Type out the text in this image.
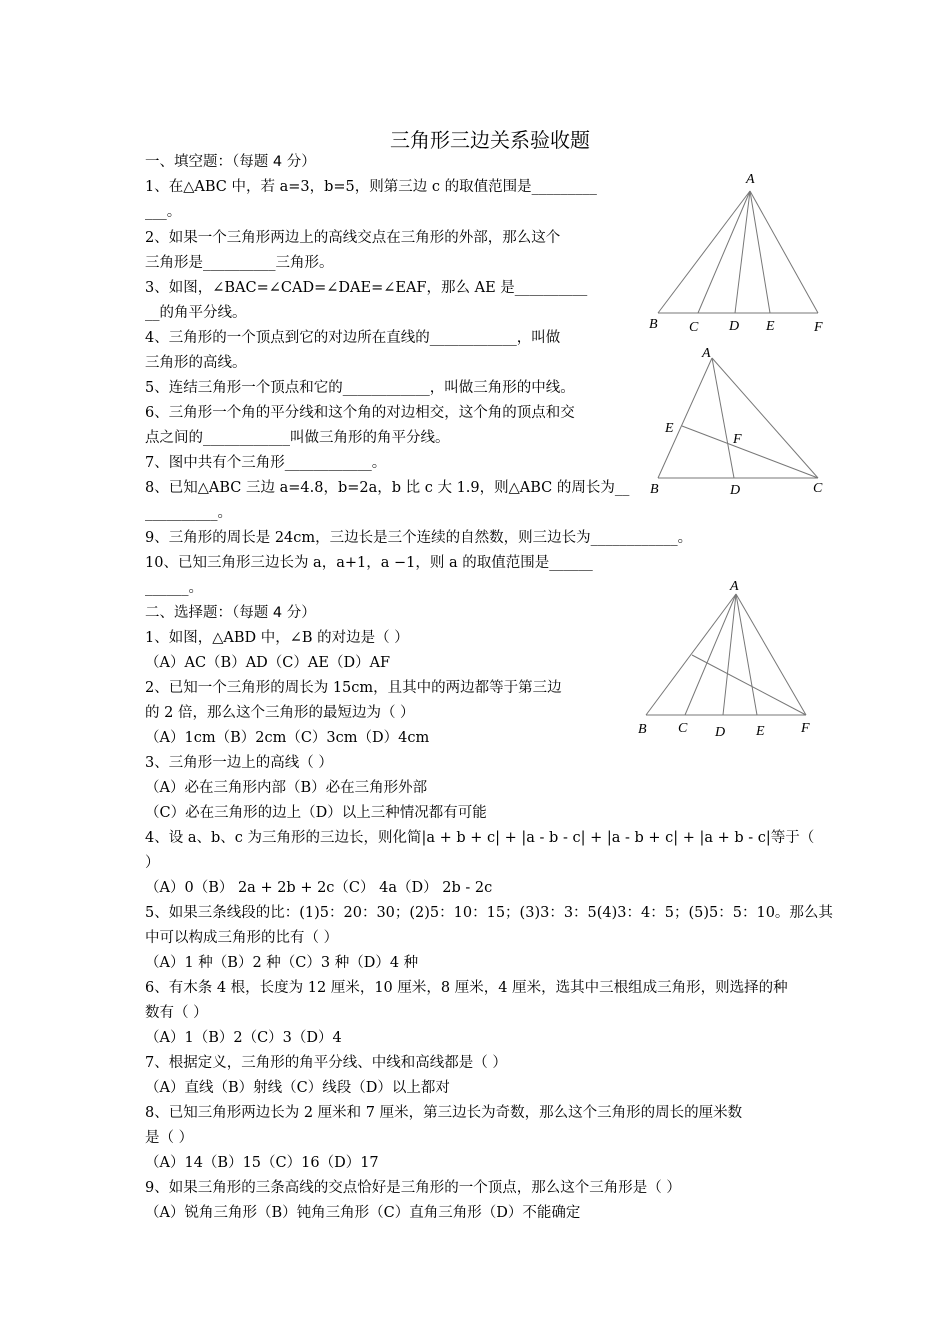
三角形三边关系验收题
一、填空题：（每题 4 分）
1、在△ABC 中，若 a=3，b=5，则第三边 c 的取值范围是_________
___。
2、如果一个三角形两边上的高线交点在三角形的外部，那么这个
三角形是__________三角形。
3、如图，∠BAC=∠CAD=∠DAE=∠EAF，那么 AE 是__________
__的角平分线。
4、三角形的一个顶点到它的对边所在直线的____________，叫做
三角形的高线。
5、连结三角形一个顶点和它的____________，叫做三角形的中线。
6、三角形一个角的平分线和这个角的对边相交，这个角的顶点和交
点之间的____________叫做三角形的角平分线。
7、图中共有个三角形____________。
8、已知△ABC 三边 a=4.8，b=2a，b 比 c 大 1.9，则△ABC 的周长为__
__________。
9、三角形的周长是 24cm，三边长是三个连续的自然数，则三边长为____________。
10、已知三角形三边长为 a，a+1，a −1，则 a 的取值范围是______
______。
二、选择题：（每题 4 分）
1、如图，△ABD 中，∠B 的对边是（ ）
（A）AC（B）AD（C）AE（D）AF
2、已知一个三角形的周长为 15cm，且其中的两边都等于第三边
的 2 倍，那么这个三角形的最短边为（ ）
（A）1cm（B）2cm（C）3cm（D）4cm
3、三角形一边上的高线（ ）
（A）必在三角形内部（B）必在三角形外部
（C）必在三角形的边上（D）以上三种情况都有可能
4、设 a、b、c 为三角形的三边长，则化简|a + b + c| + |a - b - c| + |a - b + c| + |a + b - c|等于（
）
（A）0（B） 2a + 2b + 2c（C） 4a（D） 2b - 2c
5、如果三条线段的比：(1)5：20：30；(2)5：10：15；(3)3：3：5(4)3：4：5；(5)5：5：10。那么其
中可以构成三角形的比有（ ）
（A）1 种（B）2 种（C）3 种（D）4 种
6、有木条 4 根，长度为 12 厘米，10 厘米，8 厘米，4 厘米，选其中三根组成三角形，则选择的种
数有（ ）
（A）1（B）2（C）3（D）4
7、根据定义，三角形的角平分线、中线和高线都是（ ）
（A）直线（B）射线（C）线段（D）以上都对
8、已知三角形两边长为 2 厘米和 7 厘米，第三边长为奇数，那么这个三角形的周长的厘米数
是（ ）
（A）14（B）15（C）16（D）17
9、如果三角形的三条高线的交点恰好是三角形的一个顶点，那么这个三角形是（ ）
（A）锐角三角形（B）钝角三角形（C）直角三角形（D）不能确定
A
B C D E	F
A
E
F
B	D	C
A
B C D E	F
